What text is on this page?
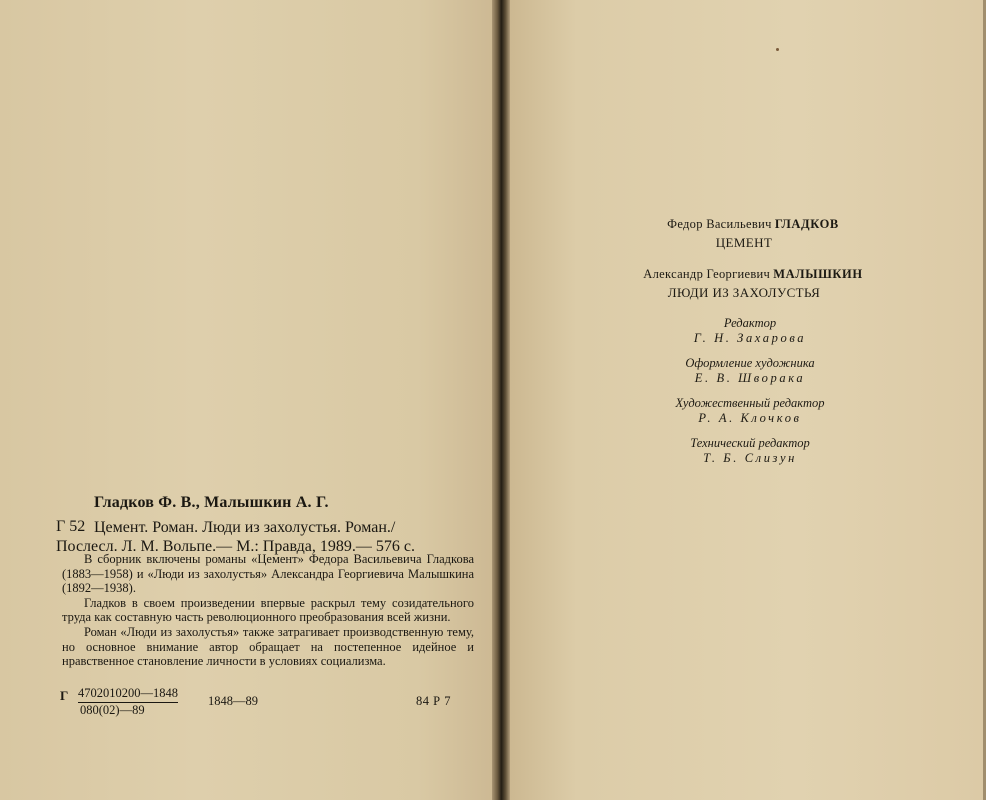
Гладков Ф. В., Малышкин А. Г.
Г 52 Цемент. Роман. Люди из захолустья. Роман./
Послесл. Л. М. Вольпе.— М.: Правда, 1989.— 576 с.

В сборник включены романы «Цемент» Федора Васильевича Гладкова (1883—1958) и «Люди из захолустья» Александра Георгиевича Малышкина (1892—1938).

Гладков в своем произведении впервые раскрыл тему созидательного труда как составную часть революционного преобразования всей жизни.

Роман «Люди из захолустья» также затрагивает производственную тему, но основное внимание автор обращает на постепенное идейное и нравственное становление личности в условиях социализма.

Г 4702010200—1848
080(02)—89
1848—89	84 Р 7
Федор Васильевич ГЛАДКОВ
ЦЕМЕНТ
Александр Георгиевич МАЛЫШКИН
ЛЮДИ ИЗ ЗАХОЛУСТЬЯ
Редактор
Г. Н. Захарова
Оформление художника
Е. В. Шворака
Художественный редактор
Р. А. Клочков
Технический редактор
Т. Б. Слизун
